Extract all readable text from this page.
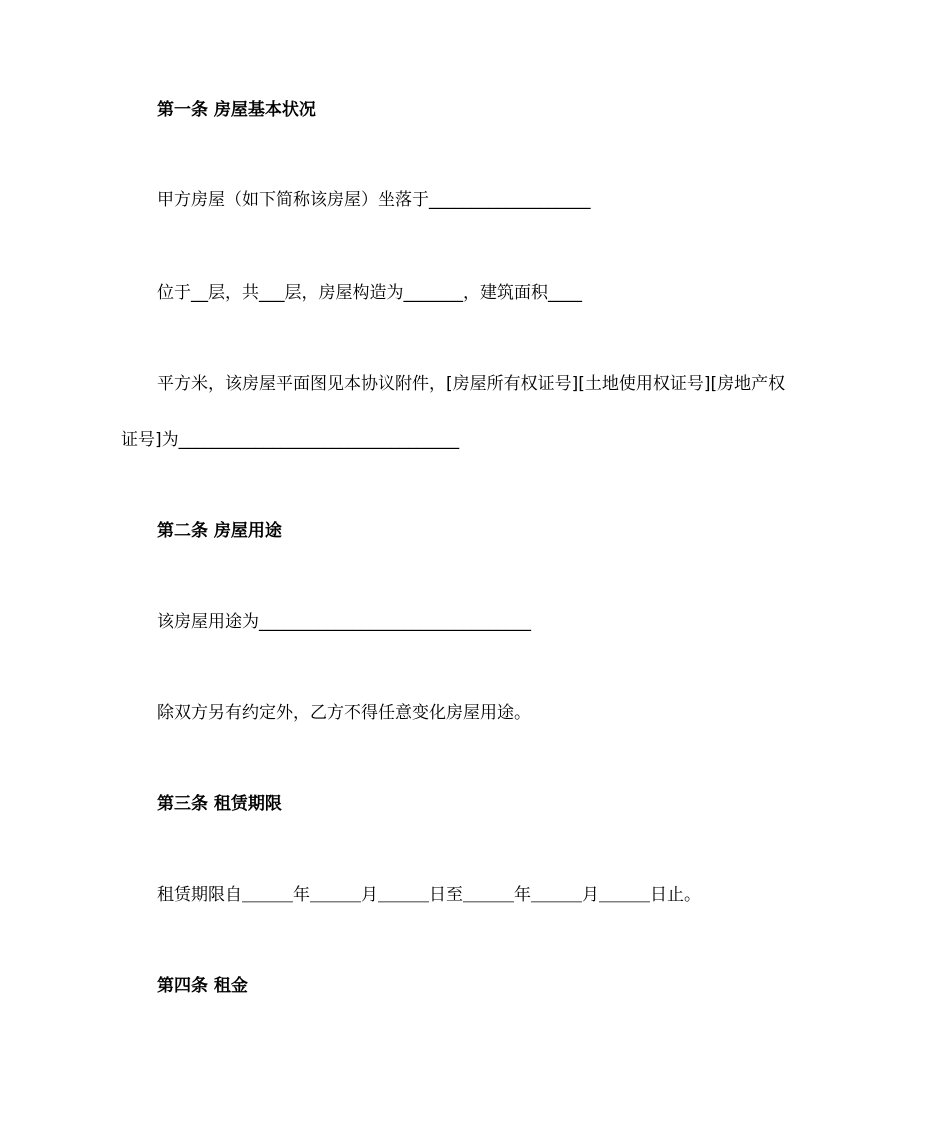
第一条 房屋基本状况
甲方房屋（如下简称该房屋）坐落于___________________
位于__层，共___层，房屋构造为_______，建筑面积____
平方米，该房屋平面图见本协议附件，[房屋所有权证号][土地使用权证号][房地产权
证号]为_________________________________
第二条 房屋用途
该房屋用途为________________________________
除双方另有约定外，乙方不得任意变化房屋用途。
第三条 租赁期限
租赁期限自＿＿＿年＿＿＿月＿＿＿日至＿＿＿年＿＿＿月＿＿＿日止。
第四条 租金
